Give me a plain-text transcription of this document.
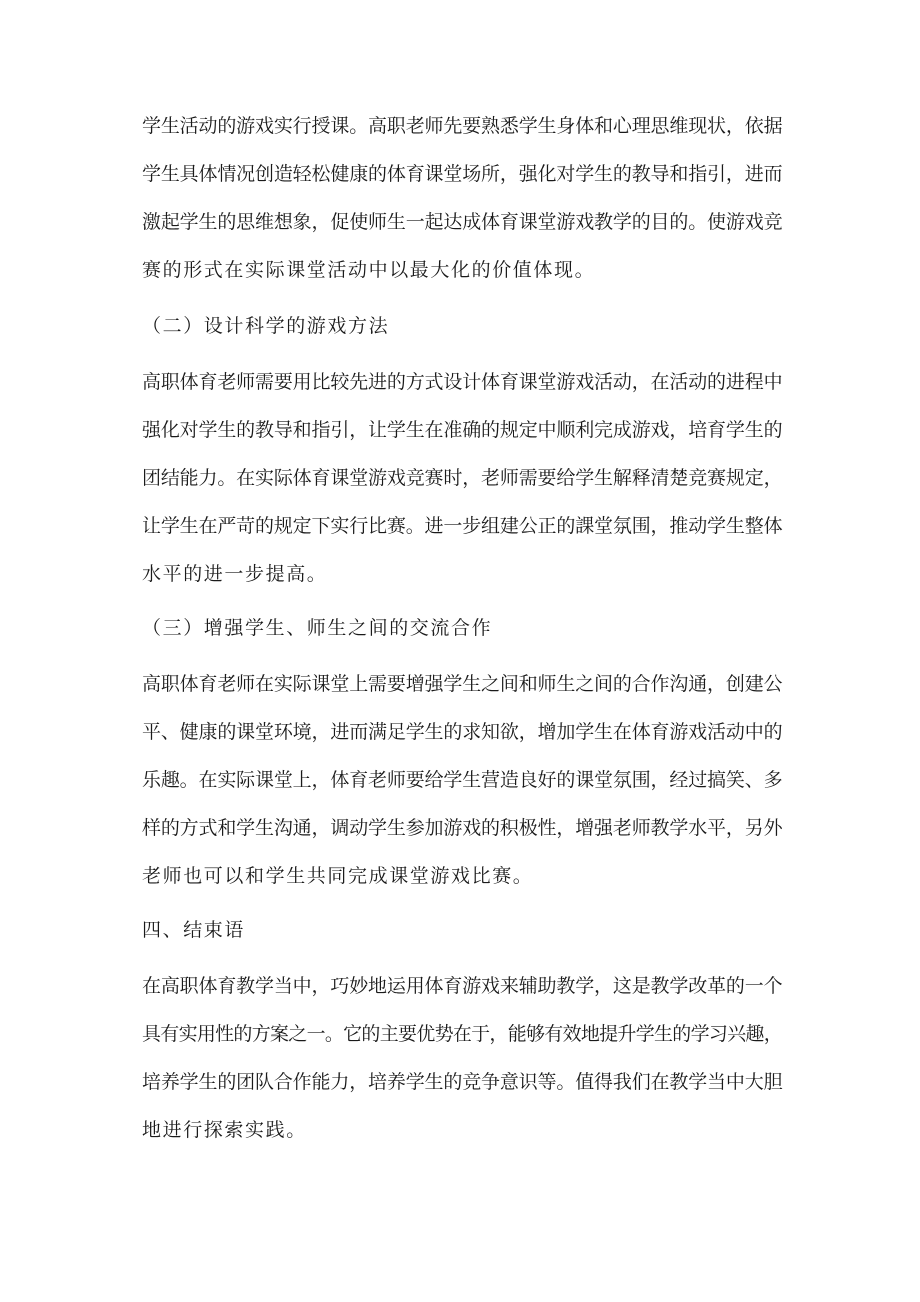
学生活动的游戏实行授课。高职老师先要熟悉学生身体和心理思维现状，依据
学生具体情况创造轻松健康的体育课堂场所，强化对学生的教导和指引，进而
激起学生的思维想象，促使师生一起达成体育课堂游戏教学的目的。使游戏竞
赛的形式在实际课堂活动中以最大化的价值体现。
（二）设计科学的游戏方法
高职体育老师需要用比较先进的方式设计体育课堂游戏活动，在活动的进程中
强化对学生的教导和指引，让学生在准确的规定中顺利完成游戏，培育学生的
团结能力。在实际体育课堂游戏竞赛时，老师需要给学生解释清楚竞赛规定，
让学生在严苛的规定下实行比赛。进一步组建公正的課堂氛围，推动学生整体
水平的进一步提高。
（三）增强学生、师生之间的交流合作
高职体育老师在实际课堂上需要增强学生之间和师生之间的合作沟通，创建公
平、健康的课堂环境，进而满足学生的求知欲，增加学生在体育游戏活动中的
乐趣。在实际课堂上，体育老师要给学生营造良好的课堂氛围，经过搞笑、多
样的方式和学生沟通，调动学生参加游戏的积极性，增强老师教学水平，另外
老师也可以和学生共同完成课堂游戏比赛。
四、结束语
在高职体育教学当中，巧妙地运用体育游戏来辅助教学，这是教学改革的一个
具有实用性的方案之一。它的主要优势在于，能够有效地提升学生的学习兴趣，
培养学生的团队合作能力，培养学生的竞争意识等。值得我们在教学当中大胆
地进行探索实践。
